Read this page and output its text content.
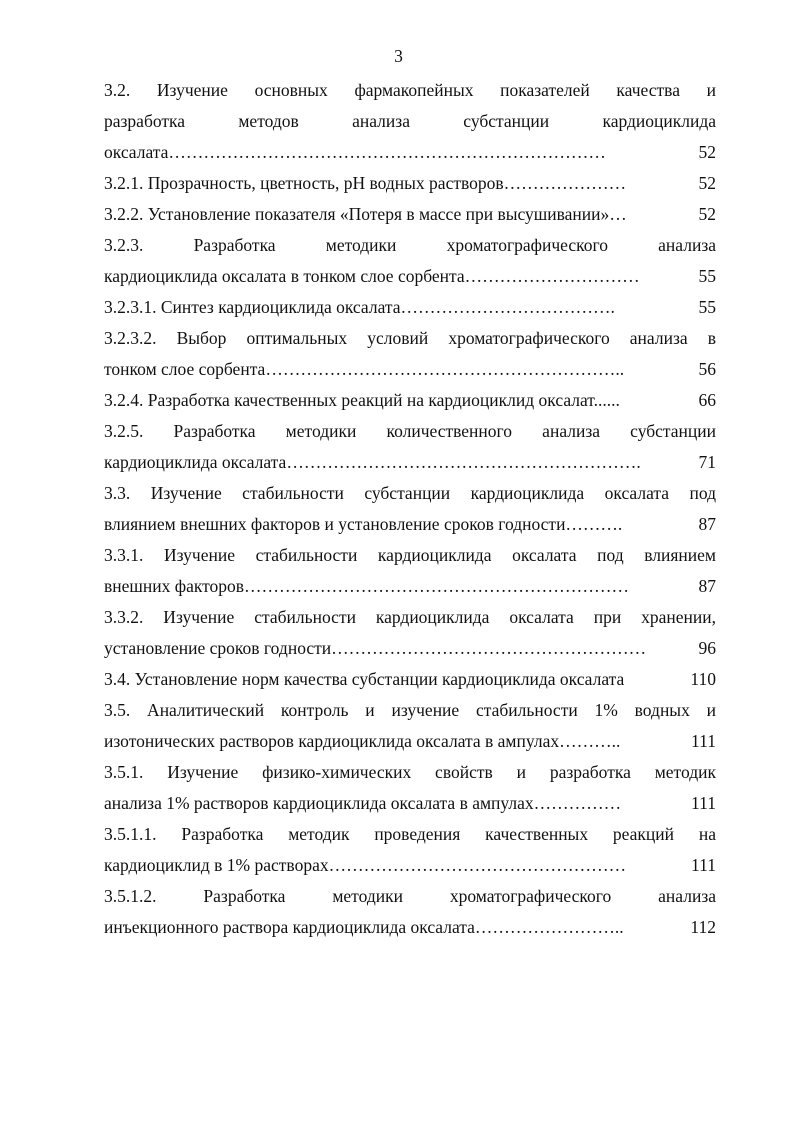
3
3.2. Изучение основных фармакопейных показателей качества и
разработка методов анализа субстанции кардиоциклида
оксалата…………………………………………………………………	52
3.2.1. Прозрачность, цветность, pH водных растворов…………………	52
3.2.2. Установление показателя «Потеря в массе при высушивании»…	52
3.2.3. Разработка методики хроматографического анализа
кардиоциклида оксалата в тонком слое сорбента…………………………	55
3.2.3.1. Синтез кардиоциклида оксалата……………………………….	55
3.2.3.2. Выбор оптимальных условий хроматографического анализа в
тонком слое сорбента……………………………………………………..	56
3.2.4. Разработка качественных реакций на кардиоциклид оксалат......	66
3.2.5. Разработка методики количественного анализа субстанции
кардиоциклида оксалата…………………………………………………….	71
3.3. Изучение стабильности субстанции кардиоциклида оксалата под
влиянием внешних факторов и установление сроков годности……….	87
3.3.1. Изучение стабильности кардиоциклида оксалата под влиянием
внешних факторов…………………………………………………………	87
3.3.2. Изучение стабильности кардиоциклида оксалата при хранении,
установление сроков годности………………………………………………	96
3.4. Установление норм качества субстанции кардиоциклида оксалата	110
3.5. Аналитический контроль и изучение стабильности 1% водных и
изотонических растворов кардиоциклида оксалата в ампулах………..	111
3.5.1. Изучение физико-химических свойств и разработка методик
анализа 1% растворов кардиоциклида оксалата в ампулах……………	111
3.5.1.1. Разработка методик проведения качественных реакций на
кардиоциклид в 1% растворах……………………………………………	111
3.5.1.2. Разработка методики хроматографического анализа
инъекционного раствора кардиоциклида оксалата……………………..	112
